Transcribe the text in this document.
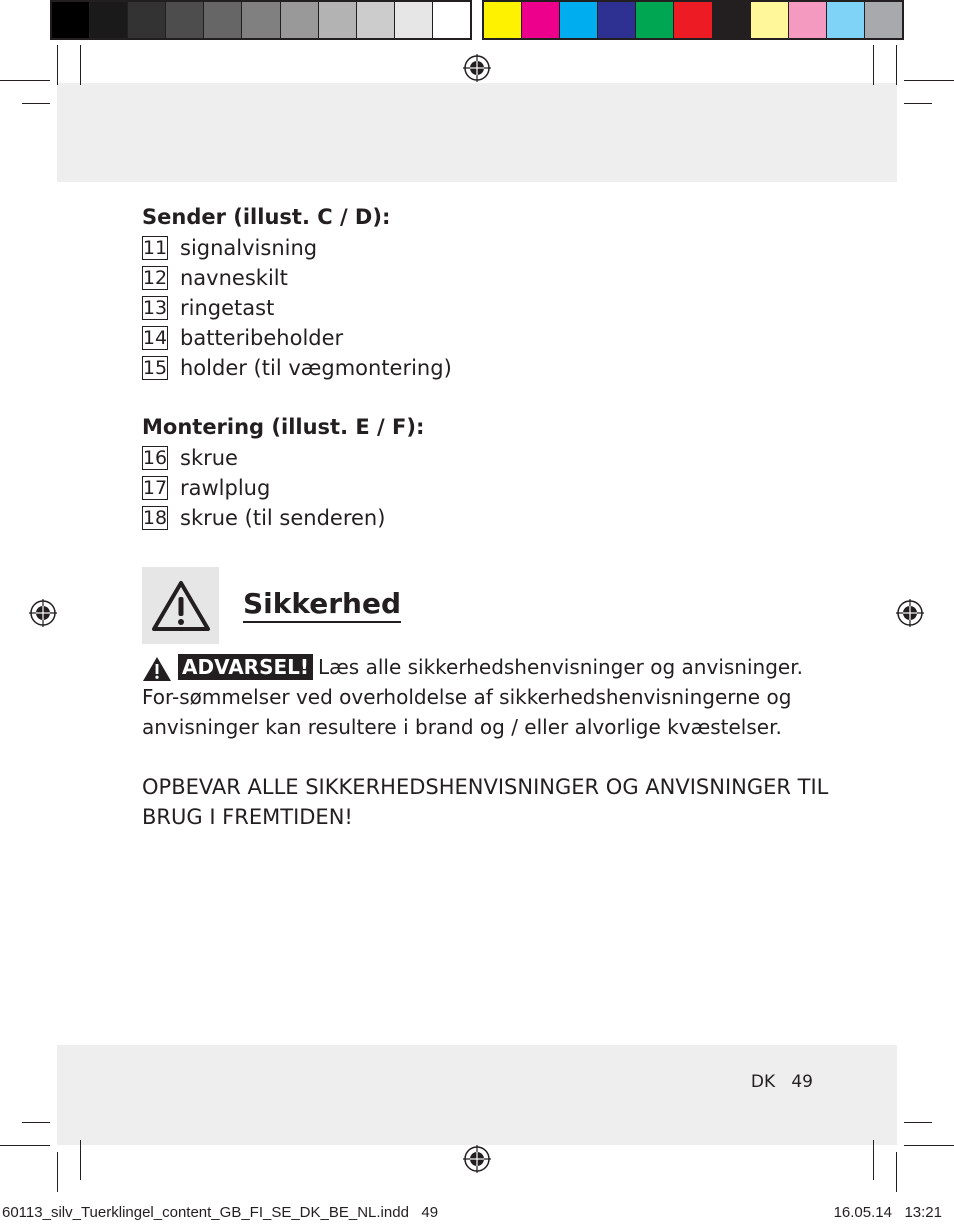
Sender (illust. C / D):
11 signalvisning
12 navneskilt
13 ringetast
14 batteribeholder
15 holder (til vægmontering)
Montering (illust. E / F):
16 skrue
17 rawlplug
18 skrue (til senderen)
Sikkerhed
ADVARSEL! Læs alle sikkerhedshenvisninger og anvisninger. For-sømmelser ved overholdelse af sikkerhedshenvisningerne og anvisninger kan resultere i brand og / eller alvorlige kvæstelser.
OPBEVAR ALLE SIKKERHEDSHENVISNINGER OG ANVISNINGER TIL BRUG I FREMTIDEN!
DK 49
60113_silv_Tuerklingel_content_GB_FI_SE_DK_BE_NL.indd   49	16.05.14   13:21
